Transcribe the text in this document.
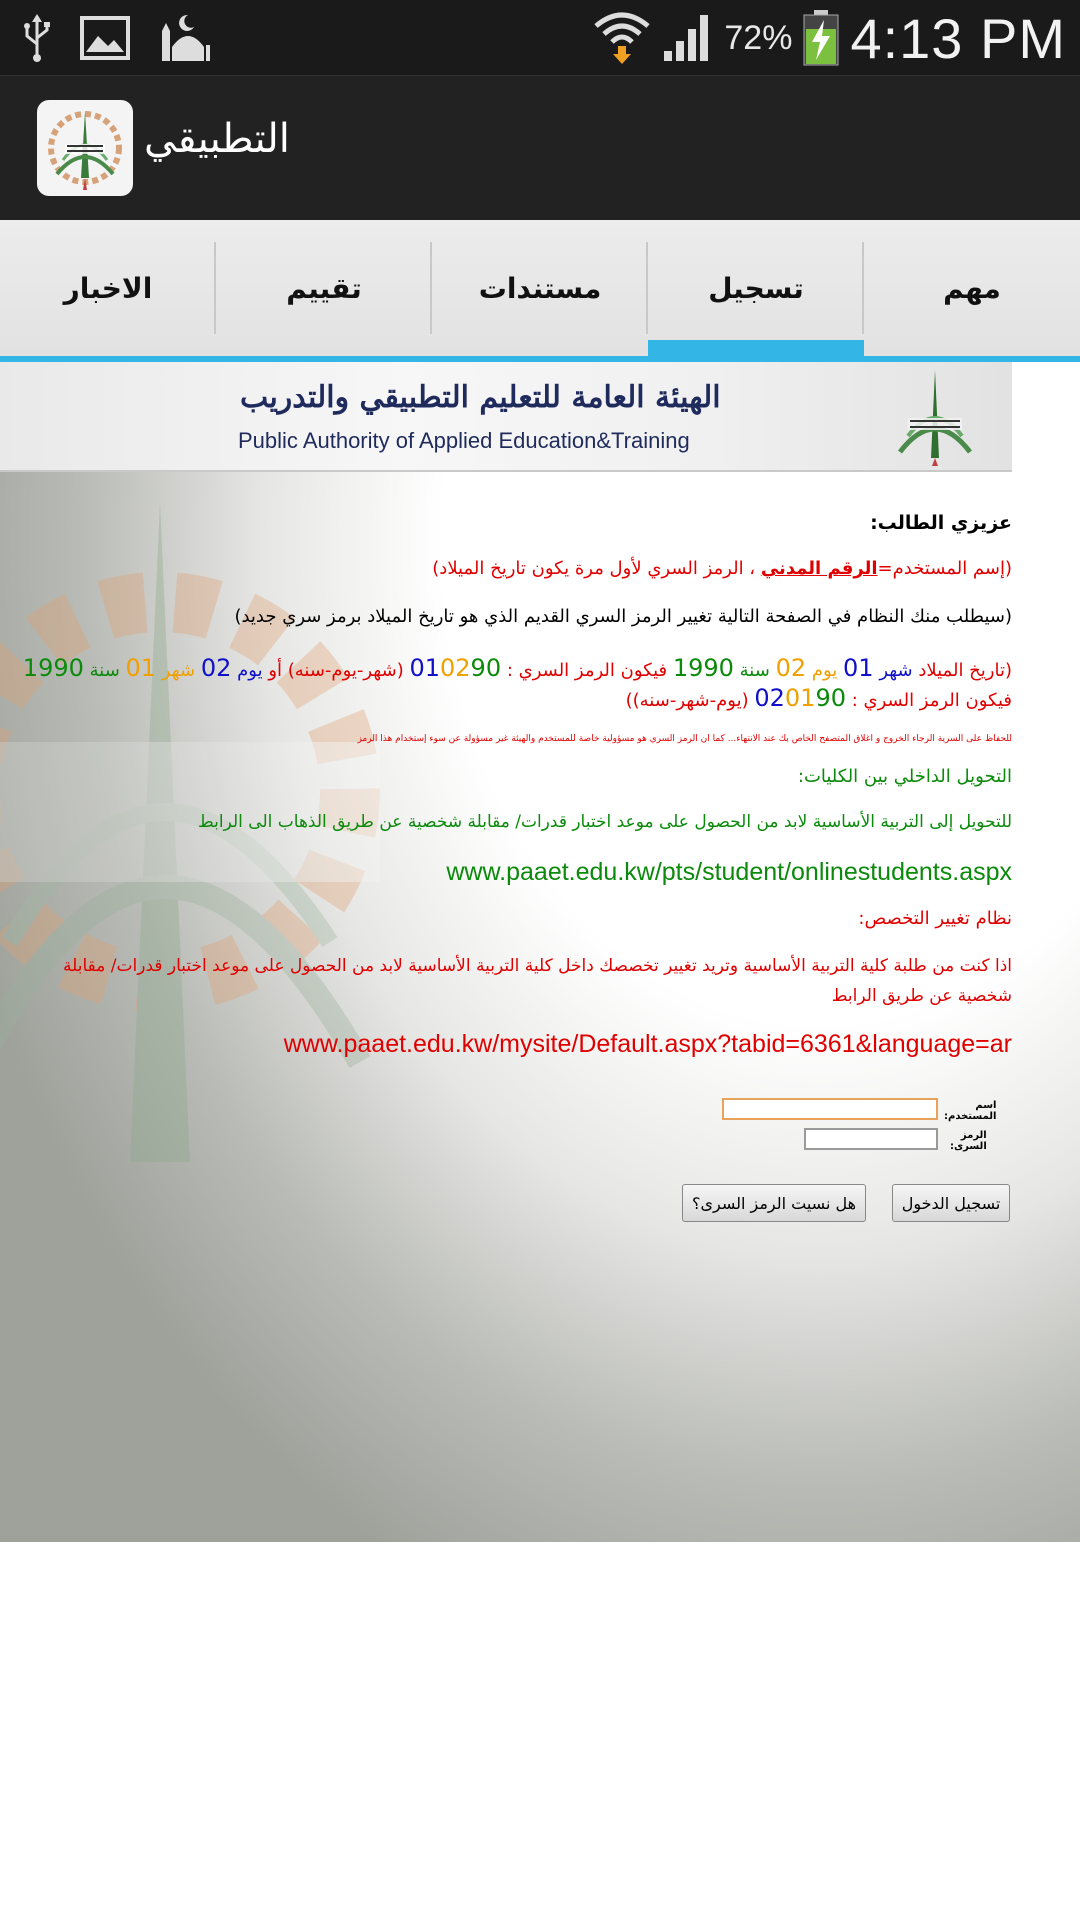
72% 4:13 PM
التطبيقي
مهم
تسجيل
مستندات
تقييم
الاخبار
الهيئة العامة للتعليم التطبيقي والتدريب
Public Authority of Applied Education&Training
عزيزي الطالب:
(إسم المستخدم=الرقم المدني ، الرمز السري لأول مرة يكون تاريخ الميلاد)
(سيطلب منك النظام في الصفحة التالية تغيير الرمز السري القديم الذي هو تاريخ الميلاد برمز سري جديد)
(تاريخ الميلاد شهر 01 يوم 02 سنة 1990 فيكون الرمز السري : 010290 (شهر-يوم-سنه) أو يوم 02 شهر 01 سنة 1990
فيكون الرمز السري : 020190 (يوم-شهر-سنه))
للحفاظ على السرية الرجاء الخروج و اغلاق المتصفح الخاص بك عند الانتهاء... كما ان الرمز السري هو مسؤولية خاصة للمستخدم والهيئة غير مسؤولة عن سوء إستخدام هذا الرمز
التحويل الداخلي بين الكليات:
للتحويل إلى التربية الأساسية لابد من الحصول على موعد اختبار قدرات/ مقابلة شخصية عن طريق الذهاب الى الرابط
www.paaet.edu.kw/pts/student/onlinestudents.aspx
نظام تغيير التخصص:
اذا كنت من طلبة كلية التربية الأساسية وتريد تغيير تخصصك داخل كلية التربية الأساسية لابد من الحصول على موعد اختبار قدرات/ مقابلة
شخصية عن طريق الرابط
www.paaet.edu.kw/mysite/Default.aspx?tabid=6361&language=ar
اسم المستخدم:
الرمز السرى:
تسجيل الدخول
هل نسيت الرمز السرى؟
